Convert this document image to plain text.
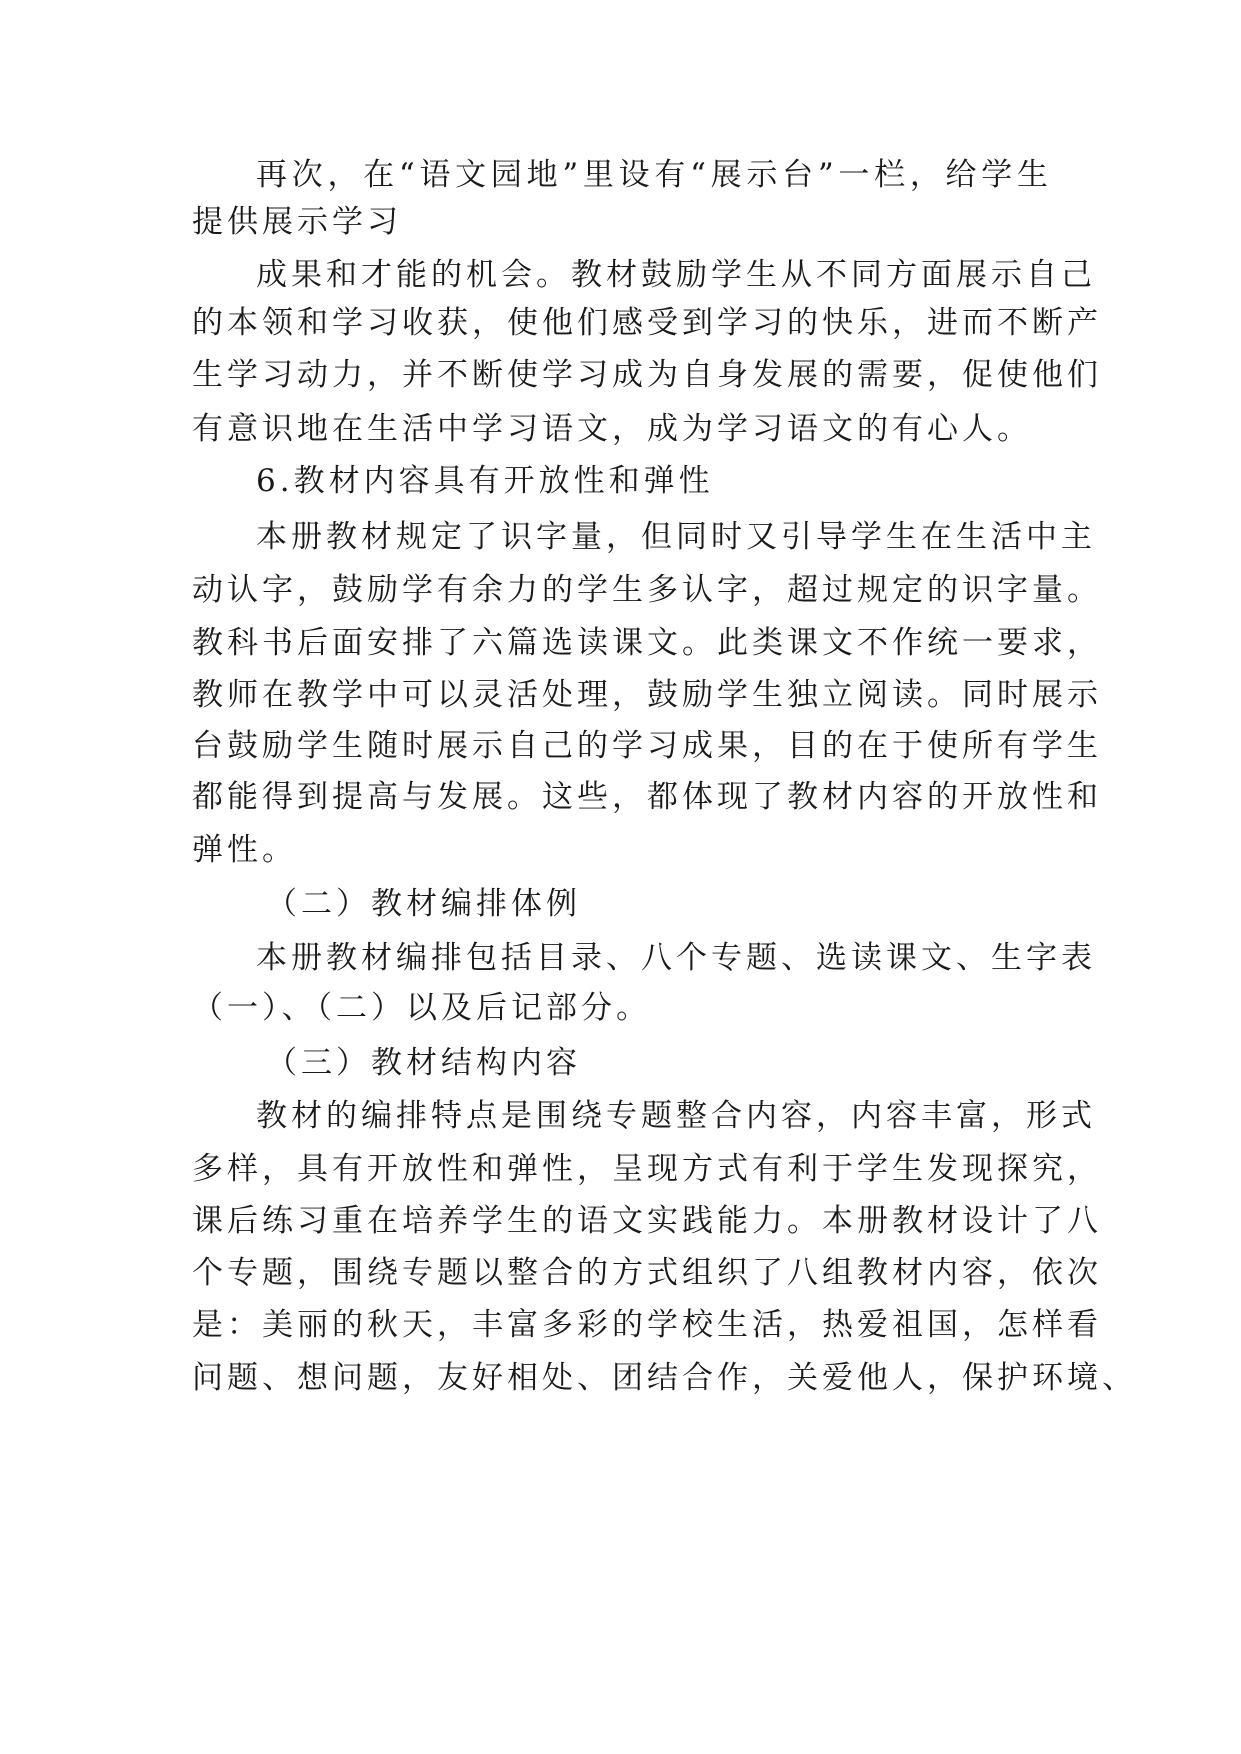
再次，在“语文园地”里设有“展示台”一栏，给学生
提供展示学习
成果和才能的机会。教材鼓励学生从不同方面展示自己
的本领和学习收获，使他们感受到学习的快乐，进而不断产
生学习动力，并不断使学习成为自身发展的需要，促使他们
有意识地在生活中学习语文，成为学习语文的有心人。
6.教材内容具有开放性和弹性
本册教材规定了识字量，但同时又引导学生在生活中主
动认字，鼓励学有余力的学生多认字，超过规定的识字量。
教科书后面安排了六篇选读课文。此类课文不作统一要求，
教师在教学中可以灵活处理，鼓励学生独立阅读。同时展示
台鼓励学生随时展示自己的学习成果，目的在于使所有学生
都能得到提高与发展。这些，都体现了教材内容的开放性和
弹性。
（二）教材编排体例
本册教材编排包括目录、八个专题、选读课文、生字表
（一）、（二）以及后记部分。
（三）教材结构内容
教材的编排特点是围绕专题整合内容，内容丰富，形式
多样，具有开放性和弹性，呈现方式有利于学生发现探究，
课后练习重在培养学生的语文实践能力。本册教材设计了八
个专题，围绕专题以整合的方式组织了八组教材内容，依次
是：美丽的秋天，丰富多彩的学校生活，热爱祖国，怎样看
问题、想问题，友好相处、团结合作，关爱他人，保护环境、
